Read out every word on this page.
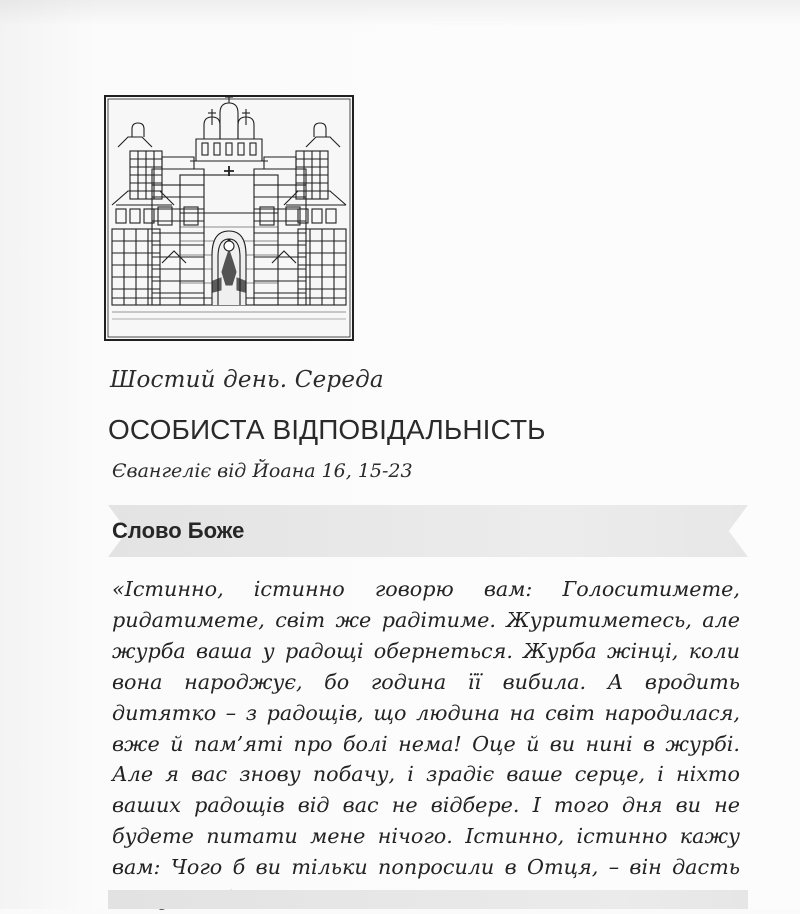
Шостий день. Середа
ОСОБИСТА ВІДПОВІДАЛЬНІСТЬ
Євангеліє від Йоана 16, 15-23
Слово Боже
«Істинно, істинно говорю вам: Голоситимете, ридатимете, світ же радітиме. Журитиметесь, але журба ваша у радощі обернеться. Журба жінці, коли вона народжує, бо година її вибила. А вродить дитятко – з радощів, що людина на світ народилася, вже й пам’яті про болі нема! Оце й ви нині в журбі. Але я вас знову побачу, і зрадіє ваше серце, і ніхто ваших радощів від вас не відбере. І того дня ви не будете питати мене нічого. Істинно, істинно кажу вам: Чого б ви тільки попросили в Отця, – він дасть
